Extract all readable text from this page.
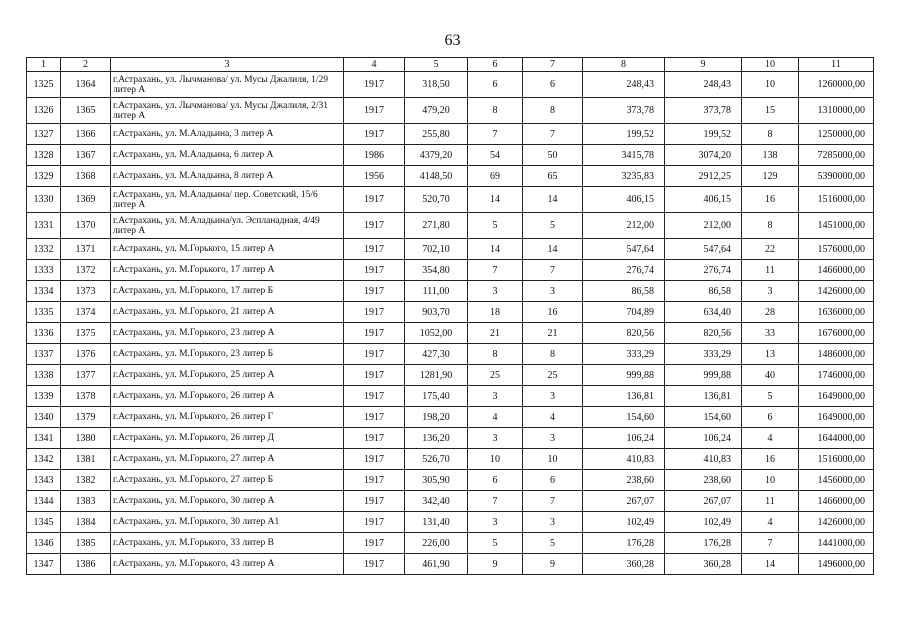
63
1	2	3	4	5	6	7	8	9	10	11
1325	1364	г.Астрахань, ул. Лычманова/ ул. Мусы Джалиля, 1/29 литер А	1917	318,50	6	6	248,43	248,43	10	1260000,00
1326	1365	г.Астрахань, ул. Лычманова/ ул. Мусы Джалиля, 2/31 литер А	1917	479,20	8	8	373,78	373,78	15	1310000,00
1327	1366	г.Астрахань, ул. М.Аладьина, 3 литер А	1917	255,80	7	7	199,52	199,52	8	1250000,00
1328	1367	г.Астрахань, ул. М.Аладьина, 6 литер А	1986	4379,20	54	50	3415,78	3074,20	138	7285000,00
1329	1368	г.Астрахань, ул. М.Аладьина, 8 литер А	1956	4148,50	69	65	3235,83	2912,25	129	5390000,00
1330	1369	г.Астрахань, ул. М.Аладьина/ пер. Советский, 15/6 литер А	1917	520,70	14	14	406,15	406,15	16	1516000,00
1331	1370	г.Астрахань, ул. М.Аладьина/ул. Эспланадная, 4/49 литер А	1917	271,80	5	5	212,00	212,00	8	1451000,00
1332	1371	г.Астрахань, ул. М.Горького, 15 литер А	1917	702,10	14	14	547,64	547,64	22	1576000,00
1333	1372	г.Астрахань, ул. М.Горького, 17 литер А	1917	354,80	7	7	276,74	276,74	11	1466000,00
1334	1373	г.Астрахань, ул. М.Горького, 17 литер Б	1917	111,00	3	3	86,58	86,58	3	1426000,00
1335	1374	г.Астрахань, ул. М.Горького, 21 литер А	1917	903,70	18	16	704,89	634,40	28	1636000,00
1336	1375	г.Астрахань, ул. М.Горького, 23 литер А	1917	1052,00	21	21	820,56	820,56	33	1676000,00
1337	1376	г.Астрахань, ул. М.Горького, 23 литер Б	1917	427,30	8	8	333,29	333,29	13	1486000,00
1338	1377	г.Астрахань, ул. М.Горького, 25 литер А	1917	1281,90	25	25	999,88	999,88	40	1746000,00
1339	1378	г.Астрахань, ул. М.Горького, 26 литер А	1917	175,40	3	3	136,81	136,81	5	1649000,00
1340	1379	г.Астрахань, ул. М.Горького, 26 литер Г	1917	198,20	4	4	154,60	154,60	6	1649000,00
1341	1380	г.Астрахань, ул. М.Горького, 26 литер Д	1917	136,20	3	3	106,24	106,24	4	1644000,00
1342	1381	г.Астрахань, ул. М.Горького, 27 литер А	1917	526,70	10	10	410,83	410,83	16	1516000,00
1343	1382	г.Астрахань, ул. М.Горького, 27 литер Б	1917	305,90	6	6	238,60	238,60	10	1456000,00
1344	1383	г.Астрахань, ул. М.Горького, 30 литер А	1917	342,40	7	7	267,07	267,07	11	1466000,00
1345	1384	г.Астрахань, ул. М.Горького, 30 литер А1	1917	131,40	3	3	102,49	102,49	4	1426000,00
1346	1385	г.Астрахань, ул. М.Горького, 33 литер В	1917	226,00	5	5	176,28	176,28	7	1441000,00
1347	1386	г.Астрахань, ул. М.Горького, 43 литер А	1917	461,90	9	9	360,28	360,28	14	1496000,00
